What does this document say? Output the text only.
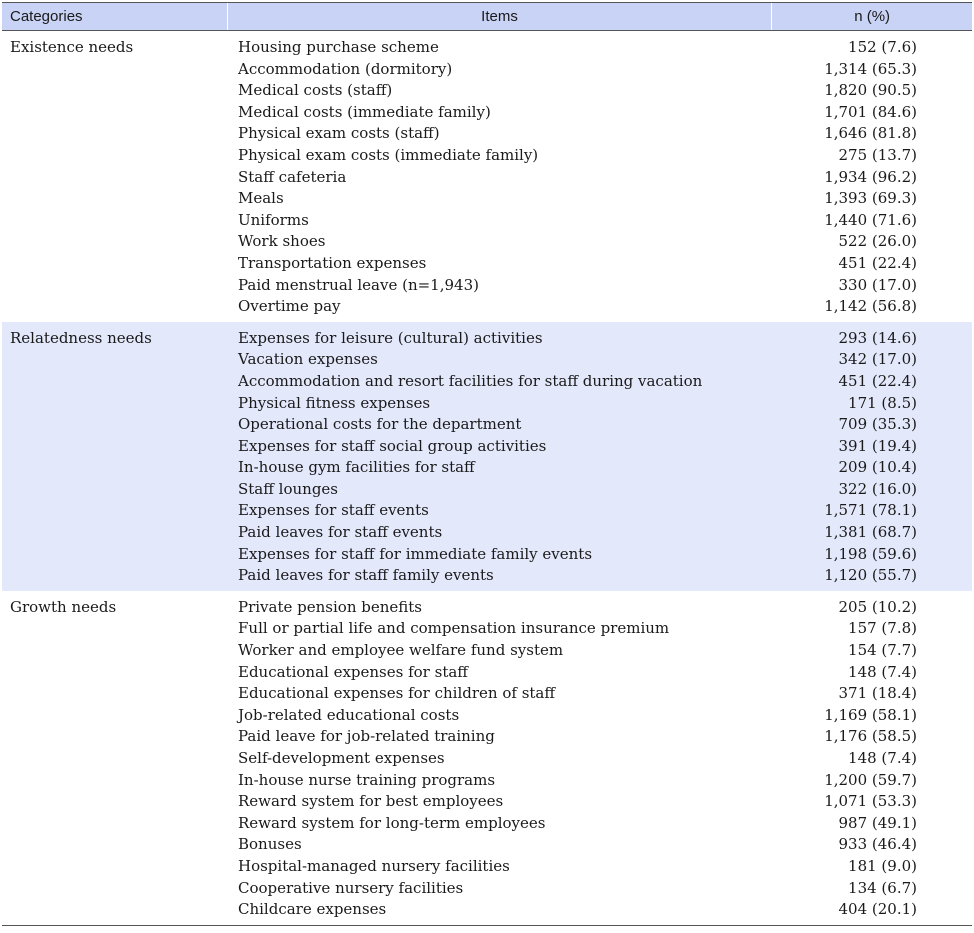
Categories	Items	n (%)
Existence needs	Housing purchase scheme	152 (7.6)
Accommodation (dormitory)	1,314 (65.3)
Medical costs (staff)	1,820 (90.5)
Medical costs (immediate family)	1,701 (84.6)
Physical exam costs (staff)	1,646 (81.8)
Physical exam costs (immediate family)	275 (13.7)
Staff cafeteria	1,934 (96.2)
Meals	1,393 (69.3)
Uniforms	1,440 (71.6)
Work shoes	522 (26.0)
Transportation expenses	451 (22.4)
Paid menstrual leave (n=1,943)	330 (17.0)
Overtime pay	1,142 (56.8)
Relatedness needs	Expenses for leisure (cultural) activities	293 (14.6)
Vacation expenses	342 (17.0)
Accommodation and resort facilities for staff during vacation	451 (22.4)
Physical fitness expenses	171 (8.5)
Operational costs for the department	709 (35.3)
Expenses for staff social group activities	391 (19.4)
In-house gym facilities for staff	209 (10.4)
Staff lounges	322 (16.0)
Expenses for staff events	1,571 (78.1)
Paid leaves for staff events	1,381 (68.7)
Expenses for staff for immediate family events	1,198 (59.6)
Paid leaves for staff family events	1,120 (55.7)
Growth needs	Private pension benefits	205 (10.2)
Full or partial life and compensation insurance premium	157 (7.8)
Worker and employee welfare fund system	154 (7.7)
Educational expenses for staff	148 (7.4)
Educational expenses for children of staff	371 (18.4)
Job-related educational costs	1,169 (58.1)
Paid leave for job-related training	1,176 (58.5)
Self-development expenses	148 (7.4)
In-house nurse training programs	1,200 (59.7)
Reward system for best employees	1,071 (53.3)
Reward system for long-term employees	987 (49.1)
Bonuses	933 (46.4)
Hospital-managed nursery facilities	181 (9.0)
Cooperative nursery facilities	134 (6.7)
Childcare expenses	404 (20.1)
